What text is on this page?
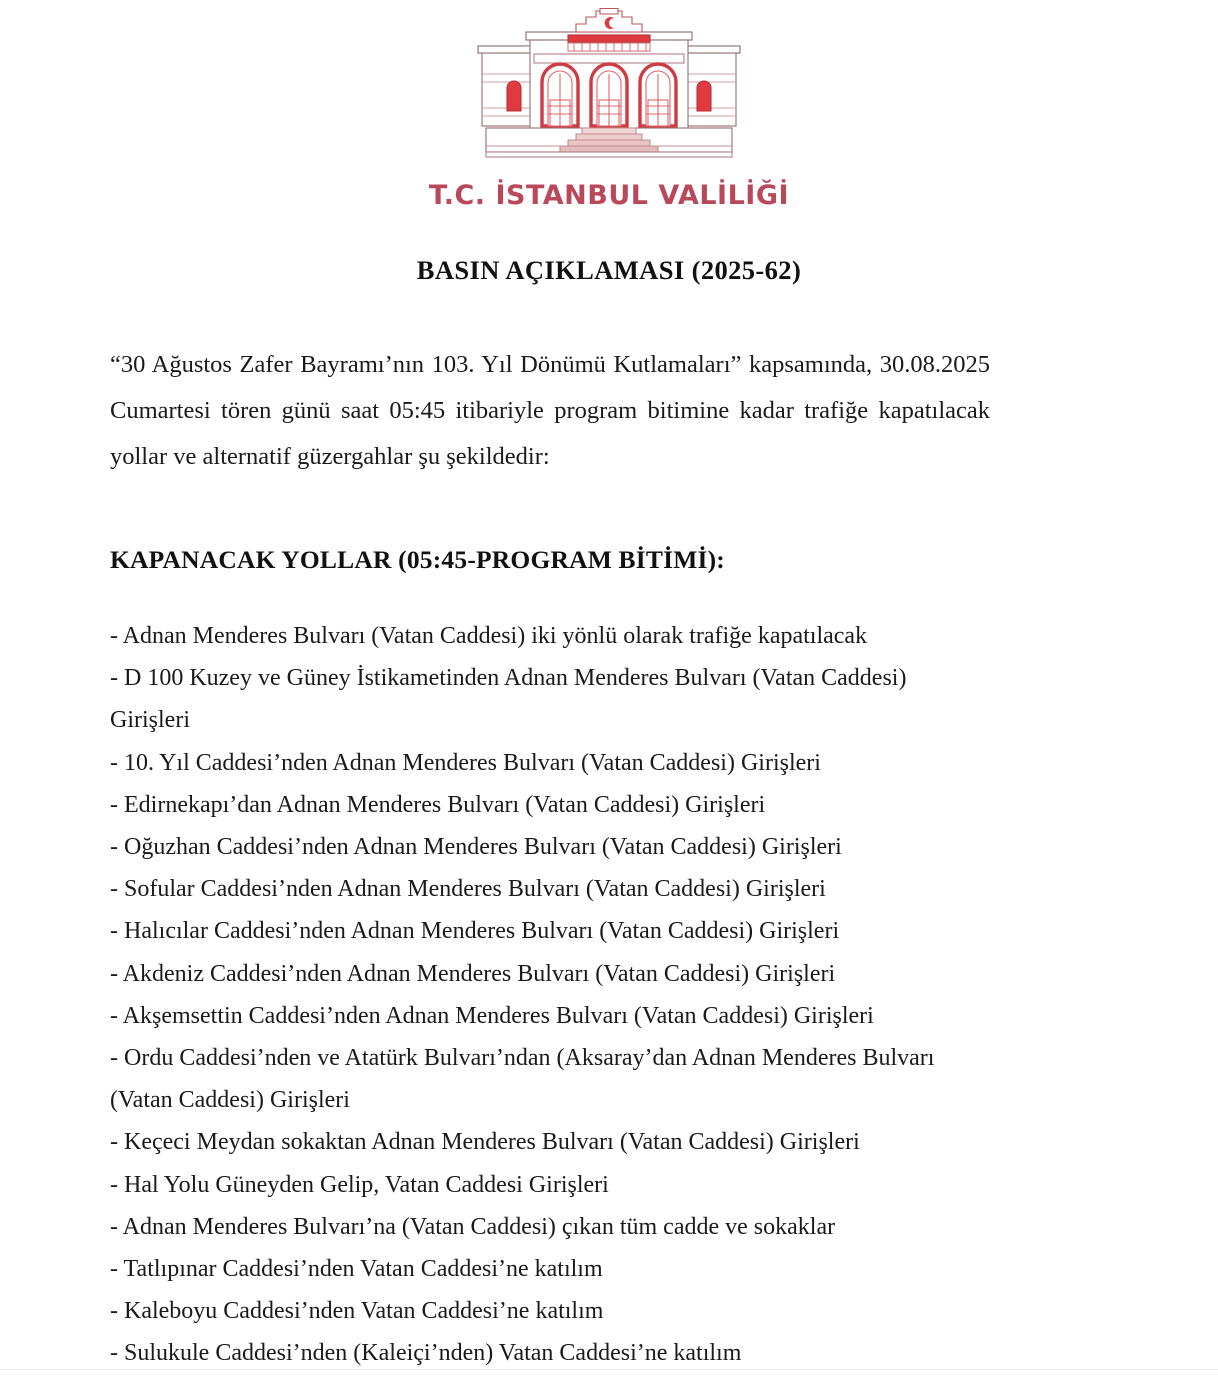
T.C. İSTANBUL VALİLİĞİ
BASIN AÇIKLAMASI (2025-62)

“30 Ağustos Zafer Bayramı’nın 103. Yıl Dönümü Kutlamaları” kapsamında, 30.08.2025 Cumartesi tören günü saat 05:45 itibariyle program bitimine kadar trafiğe kapatılacak yollar ve alternatif güzergahlar şu şekildedir:

KAPANACAK YOLLAR (05:45-PROGRAM BİTİMİ):
- Adnan Menderes Bulvarı (Vatan Caddesi) iki yönlü olarak trafiğe kapatılacak
- D 100 Kuzey ve Güney İstikametinden Adnan Menderes Bulvarı (Vatan Caddesi) Girişleri
- 10. Yıl Caddesi’nden Adnan Menderes Bulvarı (Vatan Caddesi) Girişleri
- Edirnekapı’dan Adnan Menderes Bulvarı (Vatan Caddesi) Girişleri
- Oğuzhan Caddesi’nden Adnan Menderes Bulvarı (Vatan Caddesi) Girişleri
- Sofular Caddesi’nden Adnan Menderes Bulvarı (Vatan Caddesi) Girişleri
- Halıcılar Caddesi’nden Adnan Menderes Bulvarı (Vatan Caddesi) Girişleri
- Akdeniz Caddesi’nden Adnan Menderes Bulvarı (Vatan Caddesi) Girişleri
- Akşemsettin Caddesi’nden Adnan Menderes Bulvarı (Vatan Caddesi) Girişleri
- Ordu Caddesi’nden ve Atatürk Bulvarı’ndan (Aksaray’dan Adnan Menderes Bulvarı (Vatan Caddesi) Girişleri
- Keçeci Meydan sokaktan Adnan Menderes Bulvarı (Vatan Caddesi) Girişleri
- Hal Yolu Güneyden Gelip, Vatan Caddesi Girişleri
- Adnan Menderes Bulvarı’na (Vatan Caddesi) çıkan tüm cadde ve sokaklar
- Tatlıpınar Caddesi’nden Vatan Caddesi’ne katılım
- Kaleboyu Caddesi’nden Vatan Caddesi’ne katılım
- Sulukule Caddesi’nden (Kaleiçi’nden) Vatan Caddesi’ne katılım
